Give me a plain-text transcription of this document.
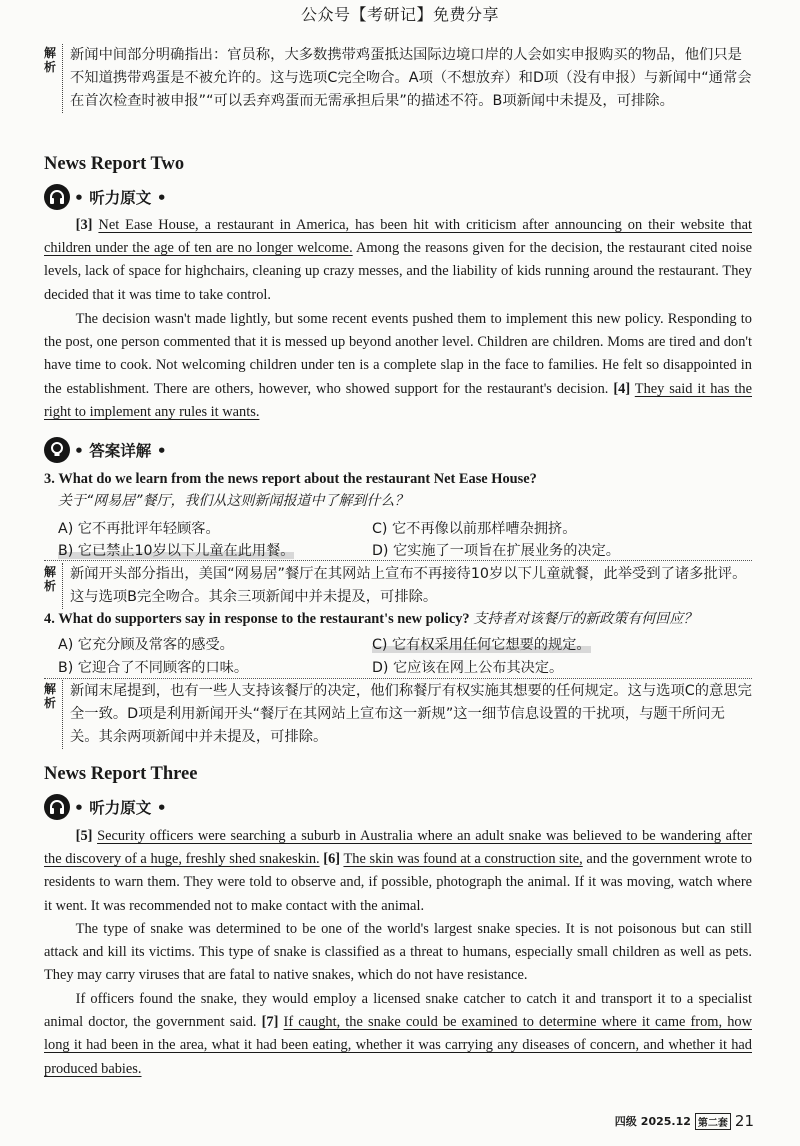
公众号【考研记】免费分享
解
析
新闻中间部分明确指出：官员称，大多数携带鸡蛋抵达国际边境口岸的人会如实申报购买的物品，他们只是不知道携带鸡蛋是不被允许的。这与选项C完全吻合。A项（不想放弃）和D项（没有申报）与新闻中“通常会在首次检查时被申报”“可以丢弃鸡蛋而无需承担后果”的描述不符。B项新闻中未提及，可排除。
News Report Two
• 听力原文 •
[3] Net Ease House, a restaurant in America, has been hit with criticism after announcing on their website that children under the age of ten are no longer welcome. Among the reasons given for the decision, the restaurant cited noise levels, lack of space for highchairs, cleaning up crazy messes, and the liability of kids running around the restaurant. They decided that it was time to take control.
The decision wasn't made lightly, but some recent events pushed them to implement this new policy. Responding to the post, one person commented that it is messed up beyond another level. Children are children. Moms are tired and don't have time to cook. Not welcoming children under ten is a complete slap in the face to families. He felt so disappointed in the establishment. There are others, however, who showed support for the restaurant's decision. [4] They said it has the right to implement any rules it wants.
• 答案详解 •
3. What do we learn from the news report about the restaurant Net Ease House?
关于“网易居”餐厅，我们从这则新闻报道中了解到什么？
A) 它不再批评年轻顾客。	C) 它不再像以前那样嘈杂拥挤。
B) 它已禁止10岁以下儿童在此用餐。	D) 它实施了一项旨在扩展业务的决定。
解
析
新闻开头部分指出，美国“网易居”餐厅在其网站上宣布不再接待10岁以下儿童就餐，此举受到了诸多批评。这与选项B完全吻合。其余三项新闻中并未提及，可排除。
4. What do supporters say in response to the restaurant's new policy? 支持者对该餐厅的新政策有何回应？
A) 它充分顾及常客的感受。	C) 它有权采用任何它想要的规定。
B) 它迎合了不同顾客的口味。	D) 它应该在网上公布其决定。
解
析
新闻末尾提到，也有一些人支持该餐厅的决定，他们称餐厅有权实施其想要的任何规定。这与选项C的意思完全一致。D项是利用新闻开头“餐厅在其网站上宣布这一新规”这一细节信息设置的干扰项，与题干所问无关。其余两项新闻中并未提及，可排除。
News Report Three
• 听力原文 •
[5] Security officers were searching a suburb in Australia where an adult snake was believed to be wandering after the discovery of a huge, freshly shed snakeskin. [6] The skin was found at a construction site, and the government wrote to residents to warn them. They were told to observe and, if possible, photograph the animal. If it was moving, watch where it went. It was recommended not to make contact with the animal.
The type of snake was determined to be one of the world's largest snake species. It is not poisonous but can still attack and kill its victims. This type of snake is classified as a threat to humans, especially small children as well as pets. They may carry viruses that are fatal to native snakes, which do not have resistance.
If officers found the snake, they would employ a licensed snake catcher to catch it and transport it to a specialist animal doctor, the government said. [7] If caught, the snake could be examined to determine where it came from, how long it had been in the area, what it had been eating, whether it was carrying any diseases of concern, and whether it had produced babies.
四级 2025.12 第二套 21
